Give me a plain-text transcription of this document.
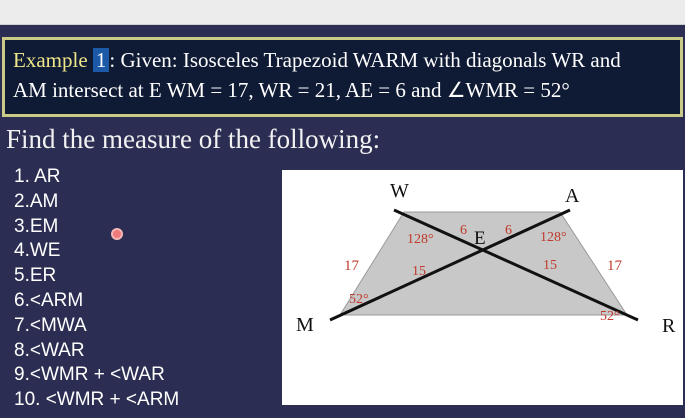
Example 1 : Given: Isosceles Trapezoid WARM with diagonals WR and
AM intersect at E WM = 17, WR = 21, AE = 6 and ∠WMR = 52°
Find the measure of the following:
1. AR
2.AM
3.EM
4.WE
5.ER
6.<ARM
7.<MWA
8.<WAR
9.<WMR + <WAR
10. <WMR + <ARM
W	A
M	R
E
128°	128°
52°
52°
17	17
6	6
15	15
